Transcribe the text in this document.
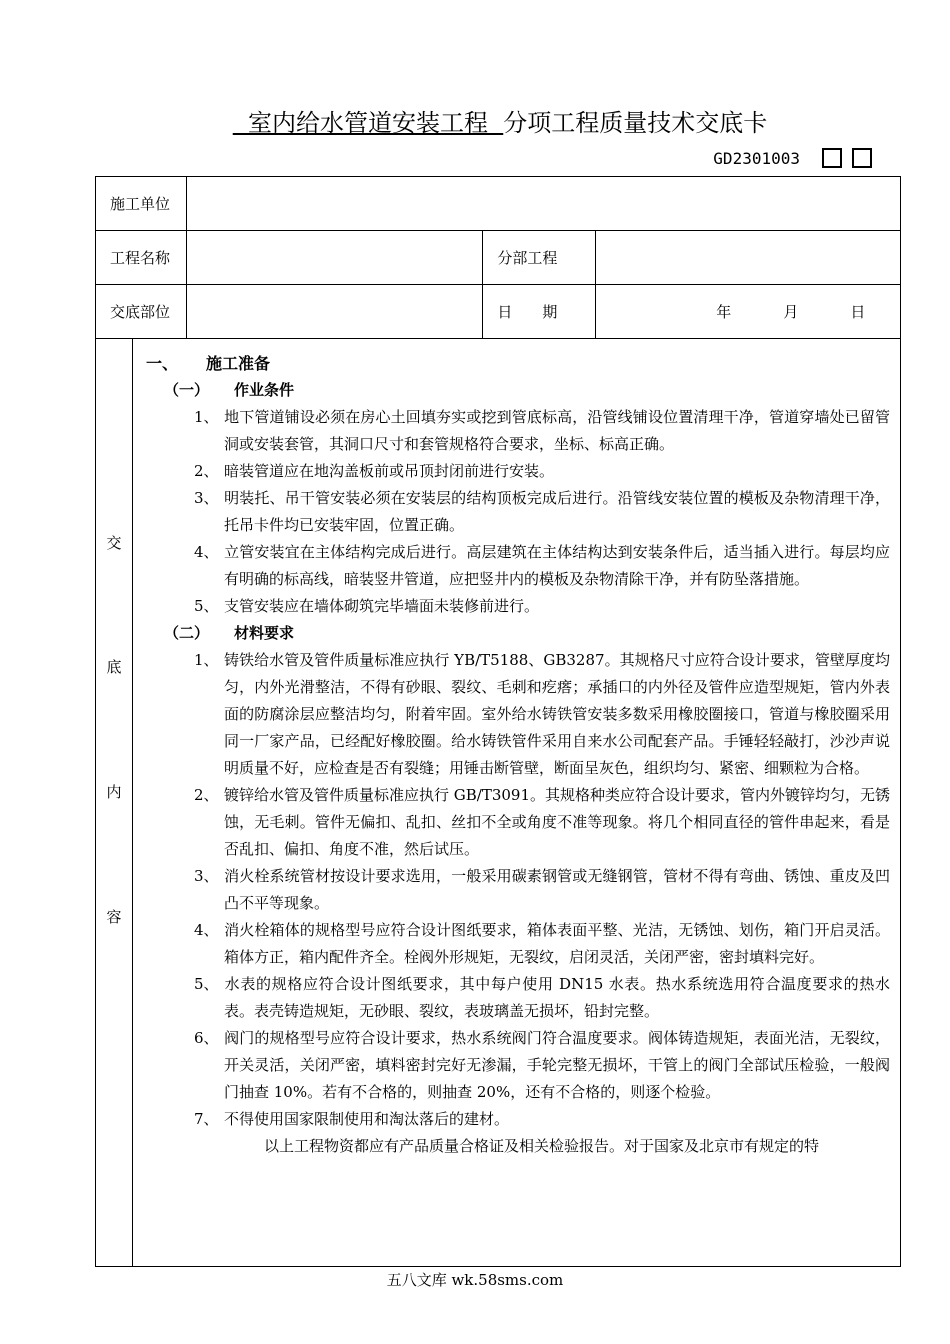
室内给水管道安装工程  分项工程质量技术交底卡
GD2301003
施工单位			
工程名称		分部工程	
交底部位		日　　期	年 月 日
交
底
内
容
一、 施工准备
（一） 作业条件
1、 地下管道铺设必须在房心土回填夯实或挖到管底标高，沿管线铺设位置清理干净，管道穿墙处已留管洞或安装套管，其洞口尺寸和套管规格符合要求，坐标、标高正确。
2、 暗装管道应在地沟盖板前或吊顶封闭前进行安装。
3、 明装托、吊干管安装必须在安装层的结构顶板完成后进行。沿管线安装位置的模板及杂物清理干净，托吊卡件均已安装牢固，位置正确。
4、 立管安装宜在主体结构完成后进行。高层建筑在主体结构达到安装条件后，适当插入进行。每层均应有明确的标高线，暗装竖井管道，应把竖井内的模板及杂物清除干净，并有防坠落措施。
5、 支管安装应在墙体砌筑完毕墙面未装修前进行。
（二） 材料要求
1、 铸铁给水管及管件质量标准应执行 YB/T5188、GB3287。其规格尺寸应符合设计要求，管壁厚度均匀，内外光滑整洁，不得有砂眼、裂纹、毛刺和疙瘩；承插口的内外径及管件应造型规矩，管内外表面的防腐涂层应整洁均匀，附着牢固。室外给水铸铁管安装多数采用橡胶圈接口，管道与橡胶圈采用同一厂家产品，已经配好橡胶圈。给水铸铁管件采用自来水公司配套产品。手锤轻轻敲打，沙沙声说明质量不好，应检查是否有裂缝；用锤击断管壁，断面呈灰色，组织均匀、紧密、细颗粒为合格。
2、 镀锌给水管及管件质量标准应执行 GB/T3091。其规格种类应符合设计要求，管内外镀锌均匀，无锈蚀，无毛刺。管件无偏扣、乱扣、丝扣不全或角度不准等现象。将几个相同直径的管件串起来，看是否乱扣、偏扣、角度不准，然后试压。
3、 消火栓系统管材按设计要求选用，一般采用碳素钢管或无缝钢管，管材不得有弯曲、锈蚀、重皮及凹凸不平等现象。
4、 消火栓箱体的规格型号应符合设计图纸要求，箱体表面平整、光洁，无锈蚀、划伤，箱门开启灵活。箱体方正，箱内配件齐全。栓阀外形规矩，无裂纹，启闭灵活，关闭严密，密封填料完好。
5、 水表的规格应符合设计图纸要求，其中每户使用 DN15 水表。热水系统选用符合温度要求的热水表。表壳铸造规矩，无砂眼、裂纹，表玻璃盖无损坏，铅封完整。
6、 阀门的规格型号应符合设计要求，热水系统阀门符合温度要求。阀体铸造规矩，表面光洁，无裂纹，开关灵活，关闭严密，填料密封完好无渗漏，手轮完整无损坏，干管上的阀门全部试压检验，一般阀门抽查 10%。若有不合格的，则抽查 20%，还有不合格的，则逐个检验。
7、 不得使用国家限制使用和淘汰落后的建材。
以上工程物资都应有产品质量合格证及相关检验报告。对于国家及北京市有规定的特
五八文库 wk.58sms.com
